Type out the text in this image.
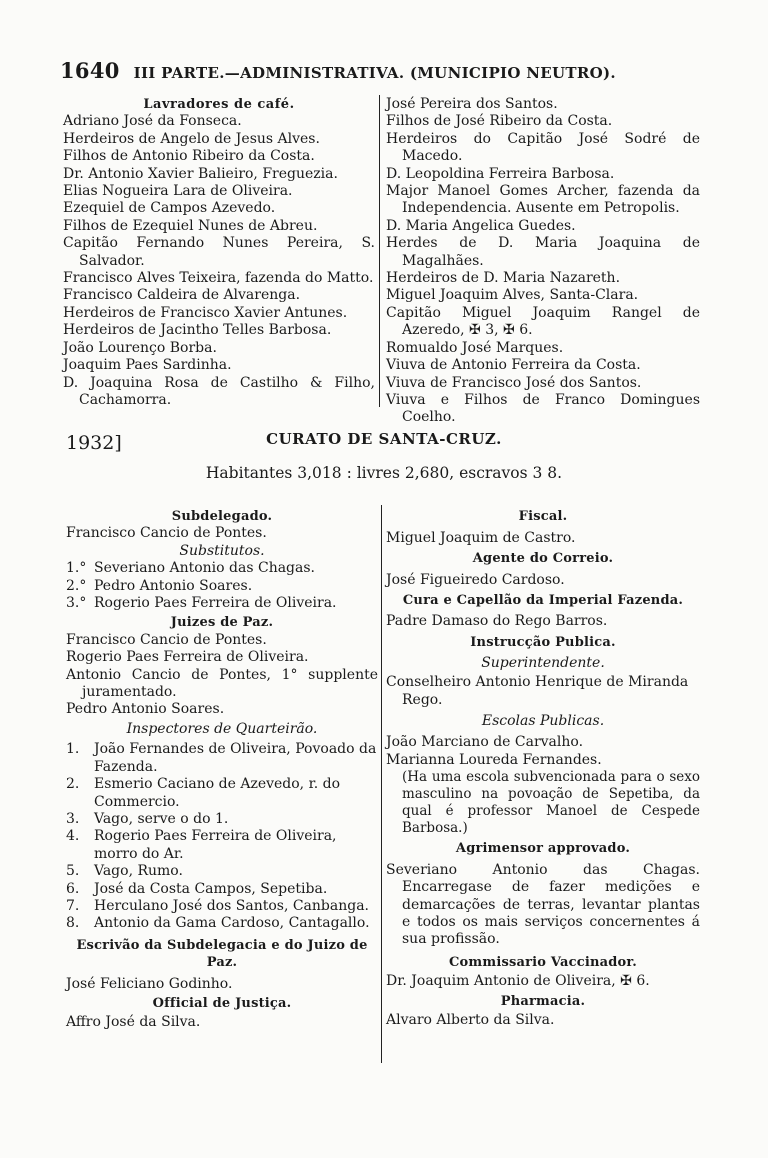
1640 III PARTE.—ADMINISTRATIVA. (MUNICIPIO NEUTRO).

Lavradores de café.

Adriano José da Fonseca.

Herdeiros de Angelo de Jesus Alves.

Filhos de Antonio Ribeiro da Costa.

Dr. Antonio Xavier Balieiro, Freguezia.

Elias Nogueira Lara de Oliveira.

Ezequiel de Campos Azevedo.

Filhos de Ezequiel Nunes de Abreu.

Capitão Fernando Nunes Pereira, S. Salvador.

Francisco Alves Teixeira, fazenda do Matto.

Francisco Caldeira de Alvarenga.

Herdeiros de Francisco Xavier Antunes.

Herdeiros de Jacintho Telles Barbosa.

João Lourenço Borba.

Joaquim Paes Sardinha.

D. Joaquina Rosa de Castilho & Filho, Cachamorra.

José Pereira dos Santos.

Filhos de José Ribeiro da Costa.

Herdeiros do Capitão José Sodré de Macedo.

D. Leopoldina Ferreira Barbosa.

Major Manoel Gomes Archer, fazenda da Independencia. Ausente em Petropolis.

D. Maria Angelica Guedes.

Herdes de D. Maria Joaquina de Magalhães.

Herdeiros de D. Maria Nazareth.

Miguel Joaquim Alves, Santa-Clara.

Capitão Miguel Joaquim Rangel de Azeredo, ✠ 3, ✠ 6.

Romualdo José Marques.

Viuva de Antonio Ferreira da Costa.

Viuva de Francisco José dos Santos.

Viuva e Filhos de Franco Domingues Coelho.

1932]	CURATO DE SANTA-CRUZ.
Habitantes 3,018 : livres 2,680, escravos 3 8.

Subdelegado.

Francisco Cancio de Pontes.

Substitutos.

1.° Severiano Antonio das Chagas.
2.° Pedro Antonio Soares.
3.° Rogerio Paes Ferreira de Oliveira.

Juizes de Paz.

Francisco Cancio de Pontes.

Rogerio Paes Ferreira de Oliveira.

Antonio Cancio de Pontes, 1° supplente juramentado.

Pedro Antonio Soares.

Inspectores de Quarteirão.

1.	João Fernandes de Oliveira, Povoado da Fazenda.
2.	Esmerio Caciano de Azevedo, r. do Commercio.
3.	Vago, serve o do 1.
4.	Rogerio Paes Ferreira de Oliveira, morro do Ar.
5.	Vago, Rumo.
6.	José da Costa Campos, Sepetiba.
7.	Herculano José dos Santos, Canbanga.
8.	Antonio da Gama Cardoso, Cantagallo.

Escrivão da Subdelegacia e do Juizo de Paz.

José Feliciano Godinho.

Official de Justiça.

Affro José da Silva.

Fiscal.

Miguel Joaquim de Castro.

Agente do Correio.

José Figueiredo Cardoso.

Cura e Capellão da Imperial Fazenda.

Padre Damaso do Rego Barros.

Instrucção Publica.

Superintendente.

Conselheiro Antonio Henrique de Miranda Rego.

Escolas Publicas.

João Marciano de Carvalho.

Marianna Loureda Fernandes.

(Ha uma escola subvencionada para o sexo masculino na povoação de Sepetiba, da qual é professor Manoel de Cespede Barbosa.)

Agrimensor approvado.

Severiano Antonio das Chagas. Encarregase de fazer medições e demarcações de terras, levantar plantas e todos os mais serviços concernentes á sua profissão.

Commissario Vaccinador.

Dr. Joaquim Antonio de Oliveira, ✠ 6.

Pharmacia.

Alvaro Alberto da Silva.
